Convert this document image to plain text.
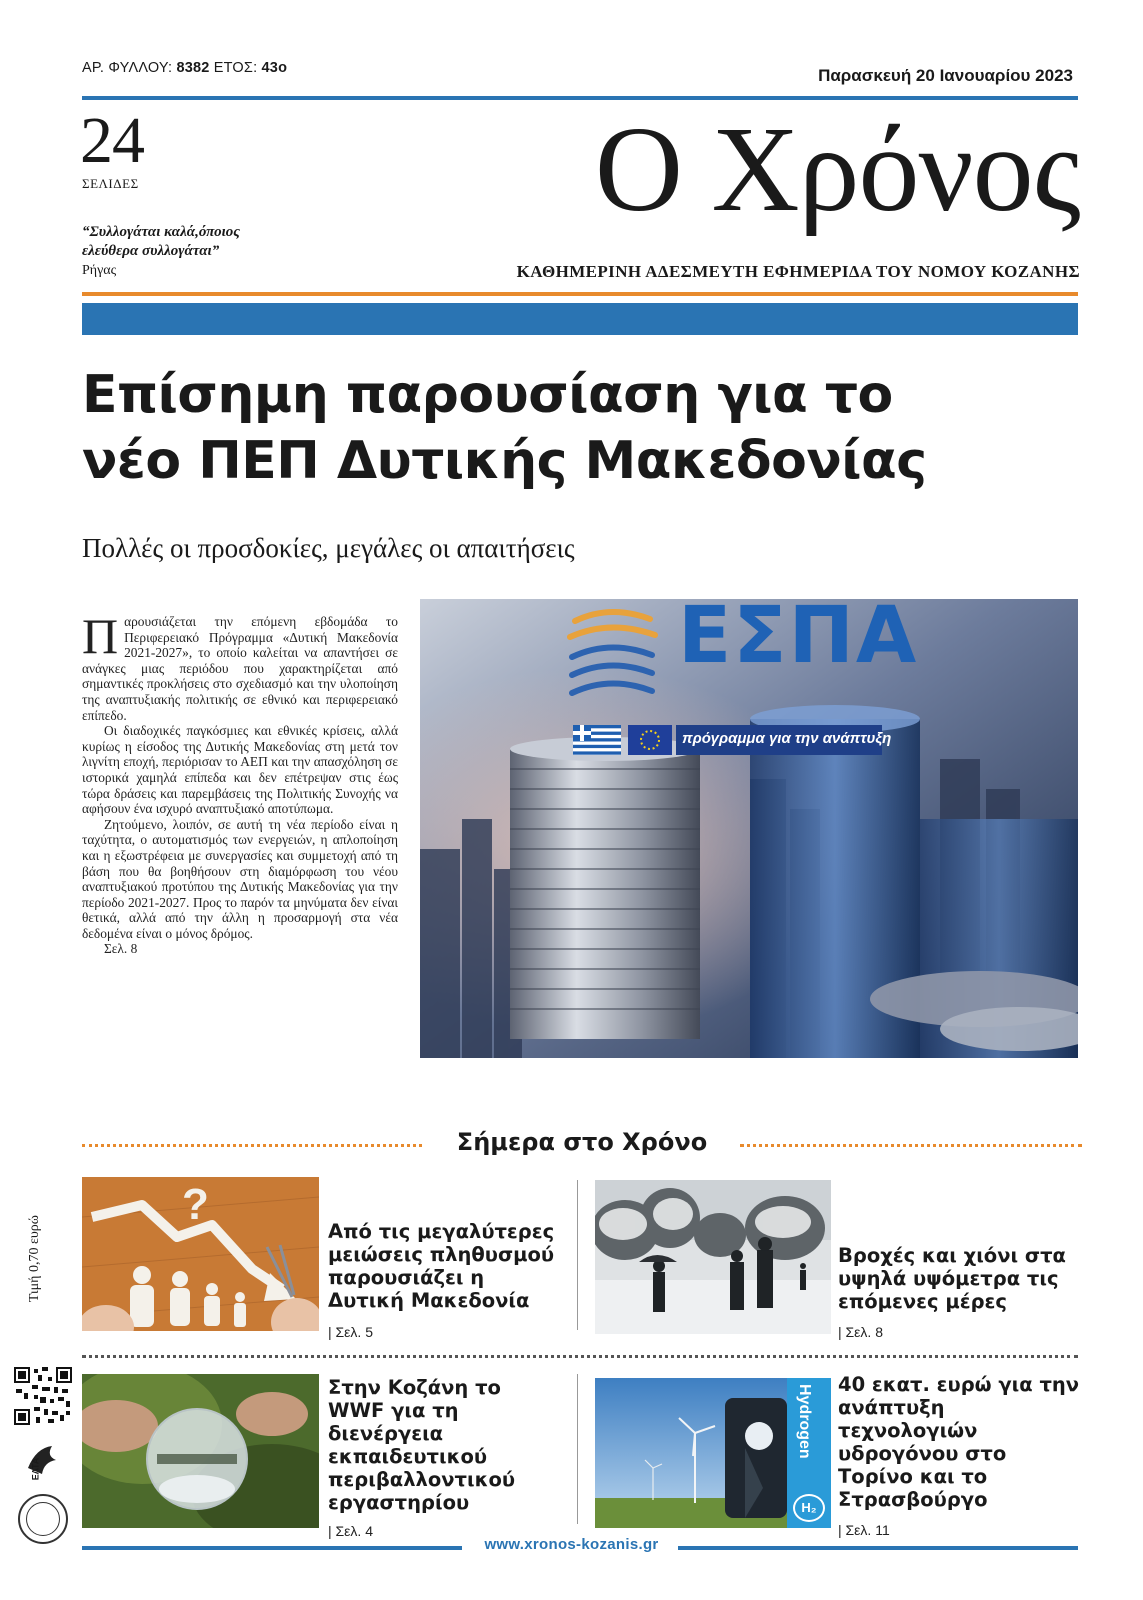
ΑΡ. ΦΥΛΛΟΥ: 8382 ΕΤΟΣ: 43ο	Παρασκευή 20 Ιανουαρίου 2023
24
ΣΕΛΙΔΕΣ
“Συλλογάται καλά,όποιος
ελεύθερα συλλογάται”
Ρήγας
Ο Χρόνος
ΚΑΘΗΜΕΡΙΝΗ ΑΔΕΣΜΕΥΤΗ ΕΦΗΜΕΡΙΔΑ ΤΟΥ ΝΟΜΟΥ ΚΟΖΑΝΗΣ
Επίσημη παρουσίαση για το
νέο ΠΕΠ Δυτικής Μακεδονίας
Πολλές οι προσδοκίες, μεγάλες οι απαιτήσεις

Παρουσιάζεται την επόμενη εβδομάδα το Περιφερειακό Πρόγραμμα «Δυτική Μακεδονία 2021-2027», το οποίο καλείται να απαντήσει σε ανάγκες μιας περιόδου που χαρακτηρίζεται από σημαντικές προκλήσεις στο σχεδιασμό και την υλοποίηση της αναπτυξιακής πολιτικής σε εθνικό και περιφερειακό επίπεδο.

Οι διαδοχικές παγκόσμιες και εθνικές κρίσεις, αλλά κυρίως η είσοδος της Δυτικής Μακεδονίας στη μετά τον λιγνίτη εποχή, περιόρισαν το ΑΕΠ και την απασχόληση σε ιστορικά χαμηλά επίπεδα και δεν επέτρεψαν στις έως τώρα δράσεις και παρεμβάσεις της Πολιτικής Συνοχής να αφήσουν ένα ισχυρό αναπτυξιακό αποτύπωμα.

Ζητούμενο, λοιπόν, σε αυτή τη νέα περίοδο είναι η ταχύτητα, ο αυτοματισμός των ενεργειών, η απλοποίηση και η εξωστρέφεια με συνεργασίες και συμμετοχή από τη βάση που θα βοηθήσουν στη διαμόρφωση του νέου αναπτυξιακού προτύπου της Δυτικής Μακεδονίας για την περίοδο 2021-2027. Προς το παρόν τα μηνύματα δεν είναι θετικά, αλλά από την άλλη η προσαρμογή στα νέα δεδομένα είναι ο μόνος δρόμος.

Σελ. 8

ΕΣΠΑ
πρόγραμμα για την ανάπτυξη
Σήμερα στο Χρόνο
?
Από τις μεγαλύτερες μειώσεις πληθυσμού παρουσιάζει η Δυτική Μακεδονία
| Σελ. 5
Βροχές και χιόνι στα υψηλά υψόμετρα τις επόμενες μέρες
| Σελ. 8
Στην Κοζάνη το WWF για τη διενέργεια εκπαιδευτικού περιβαλλοντικού εργαστηρίου
| Σελ. 4
Hydrogen
H₂
40 εκατ. ευρώ για την ανάπτυξη τεχνολογιών υδρογόνου στο Τορίνο και το Στρασβούργο
| Σελ. 11
Τιμή 0,70 ευρώ
ΕΛΤΑ
www.xronos-kozanis.gr
